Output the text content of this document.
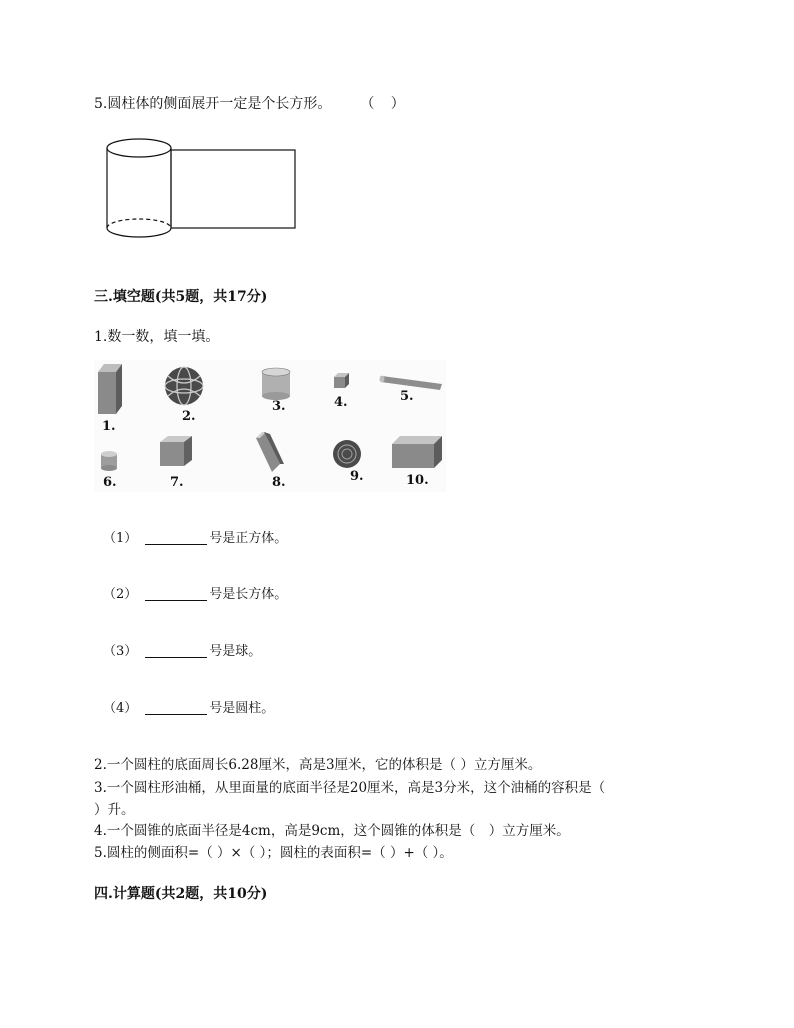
5.圆柱体的侧面展开一定是个长方形。	（ ）
三.填空题(共5题，共17分)
1.数一数，填一填。
1.
2.
3.	4.	5.
6.	7.	8.	9.	10.
（1）	号是正方体。
（2）	号是长方体。
（3）	号是球。
（4）	号是圆柱。
2.一个圆柱的底面周长6.28厘米，高是3厘米，它的体积是（ ）立方厘米。
3.一个圆柱形油桶，从里面量的底面半径是20厘米，高是3分米，这个油桶的容积是（
）升。
4.一个圆锥的底面半径是4cm，高是9cm，这个圆锥的体积是（　）立方厘米。
5.圆柱的侧面积=（ ）×（ ）；圆柱的表面积=（ ）+（ ）。
四.计算题(共2题，共10分)
